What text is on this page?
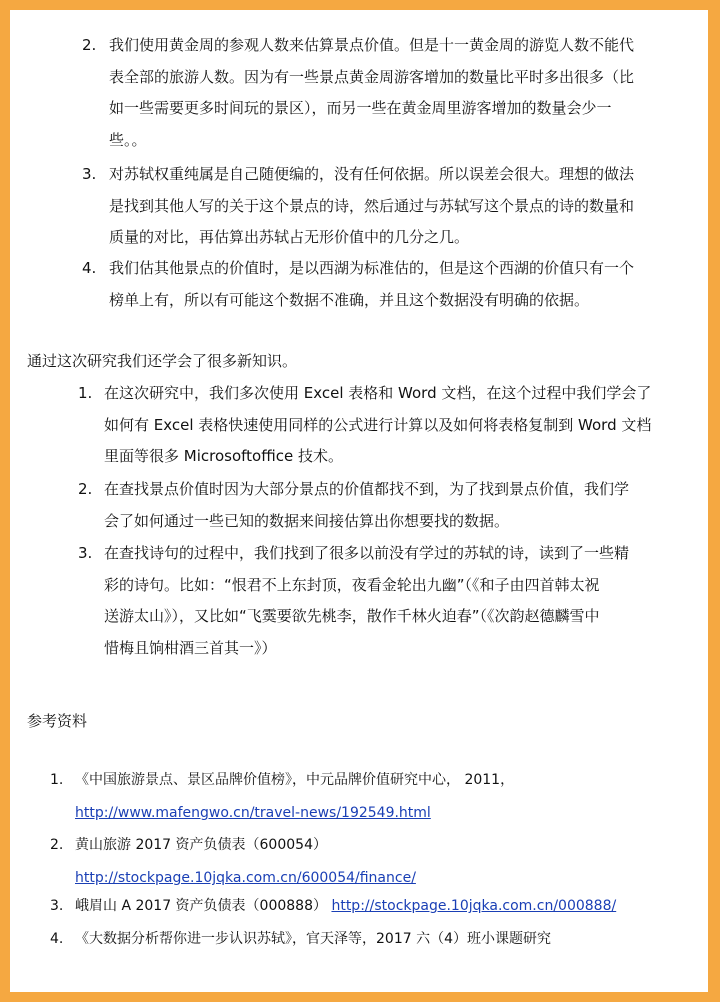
2. 我们使用黄金周的参观人数来估算景点价值。但是十一黄金周的游览人数不能代
表全部的旅游人数。因为有一些景点黄金周游客增加的数量比平时多出很多（比
如一些需要更多时间玩的景区），而另一些在黄金周里游客增加的数量会少一
些。。
3. 对苏轼权重纯属是自己随便编的，没有任何依据。所以误差会很大。理想的做法
是找到其他人写的关于这个景点的诗，然后通过与苏轼写这个景点的诗的数量和
质量的对比，再估算出苏轼占无形价值中的几分之几。
4. 我们估其他景点的价值时，是以西湖为标准估的，但是这个西湖的价值只有一个
榜单上有，所以有可能这个数据不准确，并且这个数据没有明确的依据。
通过这次研究我们还学会了很多新知识。
1. 在这次研究中，我们多次使用 Excel 表格和 Word 文档，在这个过程中我们学会了
如何有 Excel 表格快速使用同样的公式进行计算以及如何将表格复制到 Word 文档
里面等很多 Microsoftoffice 技术。
2. 在查找景点价值时因为大部分景点的价值都找不到，为了找到景点价值，我们学
会了如何通过一些已知的数据来间接估算出你想要找的数据。
3. 在查找诗句的过程中，我们找到了很多以前没有学过的苏轼的诗，读到了一些精
彩的诗句。比如：“恨君不上东封顶，夜看金轮出九幽”（《和子由四首韩太祝
送游太山》），又比如“飞霙要欲先桃李，散作千林火迫春”（《次韵赵德麟雪中
惜梅且饷柑酒三首其一》）
参考资料
1. 《中国旅游景点、景区品牌价值榜》，中元品牌价值研究中心， 2011，
http://www.mafengwo.cn/travel-news/192549.html
2. 黄山旅游 2017 资产负债表（600054）
http://stockpage.10jqka.com.cn/600054/finance/
3. 峨眉山 A 2017 资产负债表（000888） http://stockpage.10jqka.com.cn/000888/
4. 《大数据分析帮你进一步认识苏轼》，官天泽等，2017 六（4）班小课题研究
